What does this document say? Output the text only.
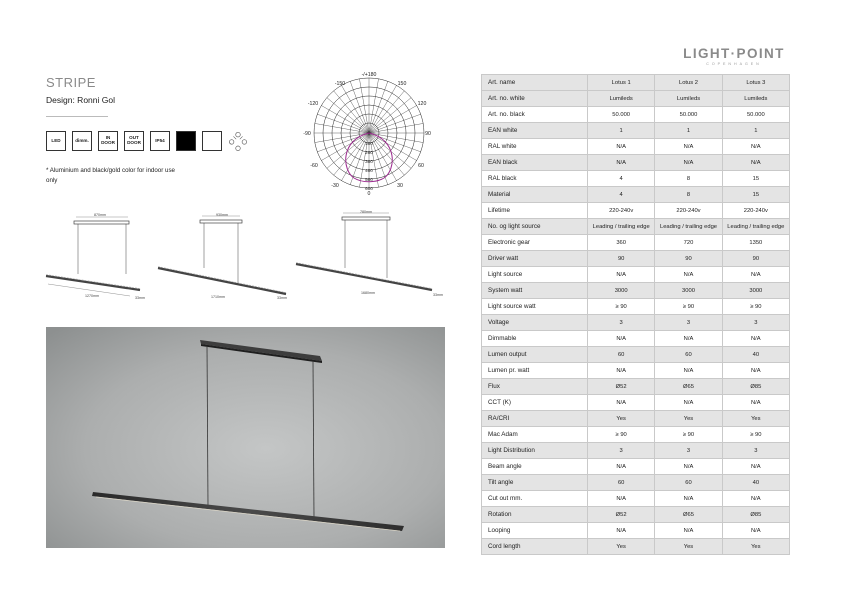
LIGHT·POINT
COPENHAGEN
STRIPE
Design: Ronni Gol
LED	dimm.	IN
DOOR
OUT
DOOR	IP54
* Aluminium and black/gold color for indoor use only
-/+180
-150	150
-120	120
-90	90
-60	60
-30	30
0
100
200
300
400
500
600
870mm
1270mm	33mm
930mm
1710mm	33mm
780mm
1680mm	33mm
Art. name	Lotus 1	Lotus 2	Lotus 3
Art. no. white	Lumileds	Lumileds	Lumileds
Art. no. black	50.000	50.000	50.000
EAN white	1	1	1
RAL white	N/A	N/A	N/A
EAN black	N/A	N/A	N/A
RAL black	4	8	15
Material	4	8	15
Lifetime	220-240v	220-240v	220-240v
No. og light source	Leading / trailing edge	Leading / trailing edge	Leading / trailing edge
Electronic gear	360	720	1350
Driver watt	90	90	90
Light source	N/A	N/A	N/A
System watt	3000	3000	3000
Light source watt	≥ 90	≥ 90	≥ 90
Voltage	3	3	3
Dimmable	N/A	N/A	N/A
Lumen output	60	60	40
Lumen pr. watt	N/A	N/A	N/A
Flux	Ø52	Ø65	Ø85
CCT (K)	N/A	N/A	N/A
RA/CRI	Yes	Yes	Yes
Mac Adam	≥ 90	≥ 90	≥ 90
Light Distribution	3	3	3
Beam angle	N/A	N/A	N/A
Tilt angle	60	60	40
Cut out mm.	N/A	N/A	N/A
Rotation	Ø52	Ø65	Ø85
Looping	N/A	N/A	N/A
Cord length	Yes	Yes	Yes
